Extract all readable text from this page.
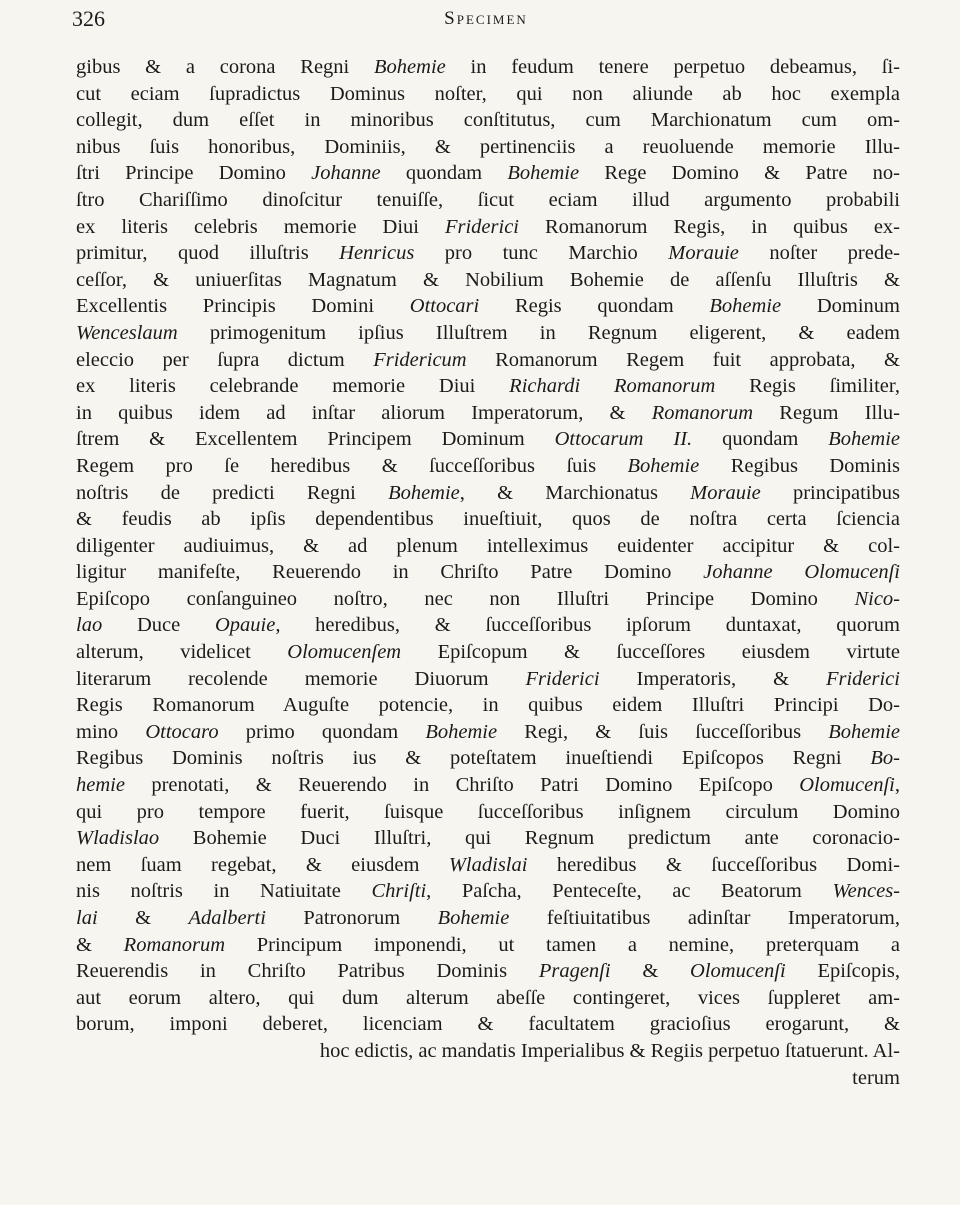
326	Specimen
gibus & a corona Regni Bohemie in feudum tenere perpetuo debeamus, ſi-
cut eciam ſupradictus Dominus noſter, qui non aliunde ab hoc exempla
collegit, dum eſſet in minoribus conſtitutus, cum Marchionatum cum om-
nibus ſuis honoribus, Dominiis, & pertinenciis a reuoluende memorie Illu-
ſtri Principe Domino Johanne quondam Bohemie Rege Domino & Patre no-
ſtro Chariſſimo dinoſcitur tenuiſſe, ſicut eciam illud argumento probabili
ex literis celebris memorie Diui Friderici Romanorum Regis, in quibus ex-
primitur, quod illuſtris Henricus pro tunc Marchio Morauie noſter prede-
ceſſor, & uniuerſitas Magnatum & Nobilium Bohemie de aſſenſu Illuſtris &
Excellentis Principis Domini Ottocari Regis quondam Bohemie Dominum
Wenceslaum primogenitum ipſius Illuſtrem in Regnum eligerent, & eadem
eleccio per ſupra dictum Fridericum Romanorum Regem fuit approbata, &
ex literis celebrande memorie Diui Richardi Romanorum Regis ſimiliter,
in quibus idem ad inſtar aliorum Imperatorum, & Romanorum Regum Illu-
ſtrem & Excellentem Principem Dominum Ottocarum II. quondam Bohemie
Regem pro ſe heredibus & ſucceſſoribus ſuis Bohemie Regibus Dominis
noſtris de predicti Regni Bohemie, & Marchionatus Morauie principatibus
& feudis ab ipſis dependentibus inueſtiuit, quos de noſtra certa ſciencia
diligenter audiuimus, & ad plenum intelleximus euidenter accipitur & col-
ligitur manifeſte, Reuerendo in Chriſto Patre Domino Johanne Olomucenſi
Epiſcopo conſanguineo noſtro, nec non Illuſtri Principe Domino Nico-
lao Duce Opauie, heredibus, & ſucceſſoribus ipſorum duntaxat, quorum
alterum, videlicet Olomucenſem Epiſcopum & ſucceſſores eiusdem virtute
literarum recolende memorie Diuorum Friderici Imperatoris, & Friderici
Regis Romanorum Auguſte potencie, in quibus eidem Illuſtri Principi Do-
mino Ottocaro primo quondam Bohemie Regi, & ſuis ſucceſſoribus Bohemie
Regibus Dominis noſtris ius & poteſtatem inueſtiendi Epiſcopos Regni Bo-
hemie prenotati, & Reuerendo in Chriſto Patri Domino Epiſcopo Olomucenſi,
qui pro tempore fuerit, ſuisque ſucceſſoribus inſignem circulum Domino
Wladislao Bohemie Duci Illuſtri, qui Regnum predictum ante coronacio-
nem ſuam regebat, & eiusdem Wladislai heredibus & ſucceſſoribus Domi-
nis noſtris in Natiuitate Chriſti, Paſcha, Penteceſte, ac Beatorum Wences-
lai & Adalberti Patronorum Bohemie feſtiuitatibus adinſtar Imperatorum,
& Romanorum Principum imponendi, ut tamen a nemine, preterquam a
Reuerendis in Chriſto Patribus Dominis Pragenſi & Olomucenſi Epiſcopis,
aut eorum altero, qui dum alterum abeſſe contingeret, vices ſuppleret am-
borum, imponi deberet, licenciam & facultatem gracioſius erogarunt, &
hoc edictis, ac mandatis Imperialibus & Regiis perpetuo ſtatuerunt. Al-
terum
